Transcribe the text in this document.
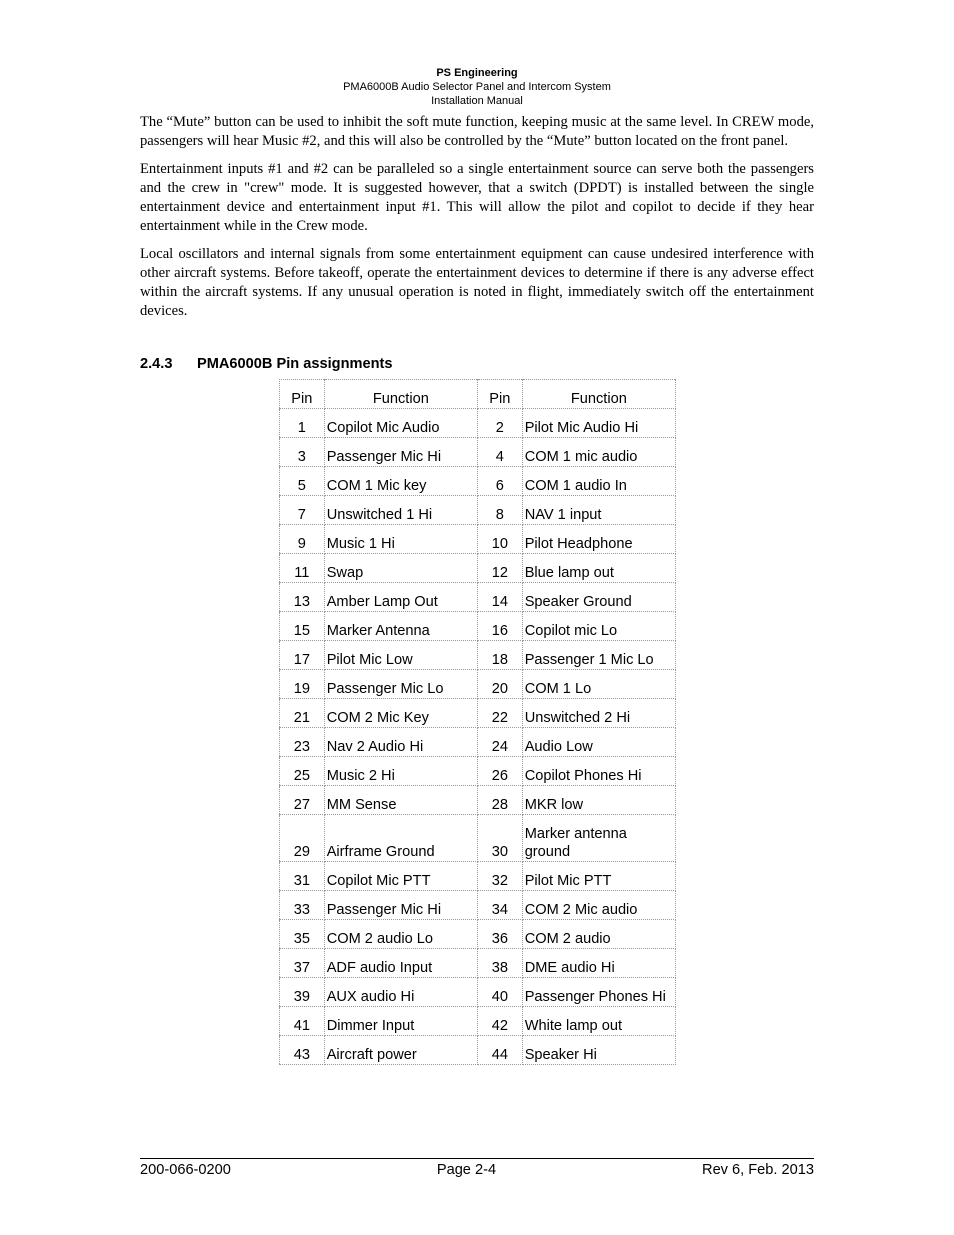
PS Engineering
PMA6000B Audio Selector Panel and Intercom System
Installation Manual

The “Mute” button can be used to inhibit the soft mute function, keeping music at the same level. In CREW mode, passengers will hear Music #2, and this will also be controlled by the “Mute” button located on the front panel.

Entertainment inputs #1 and #2 can be paralleled so a single entertainment source can serve both the passengers and the crew in "crew" mode. It is suggested however, that a switch (DPDT) is installed between the single entertainment device and entertainment input #1. This will allow the pilot and copilot to decide if they hear entertainment while in the Crew mode.

Local oscillators and internal signals from some entertainment equipment can cause undesired interference with other aircraft systems. Before takeoff, operate the entertainment devices to determine if there is any adverse effect within the aircraft systems. If any unusual operation is noted in flight, immediately switch off the entertainment devices.

2.4.3 PMA6000B Pin assignments
Pin	Function	Pin	Function
1	Copilot Mic Audio	2	Pilot Mic Audio Hi
3	Passenger Mic Hi	4	COM 1 mic audio
5	COM 1 Mic key	6	COM 1 audio In
7	Unswitched 1 Hi	8	NAV 1 input
9	Music 1 Hi	10	Pilot Headphone
11	Swap	12	Blue lamp out
13	Amber Lamp Out	14	Speaker Ground
15	Marker Antenna	16	Copilot mic Lo
17	Pilot Mic Low	18	Passenger 1 Mic Lo
19	Passenger Mic Lo	20	COM 1 Lo
21	COM 2 Mic Key	22	Unswitched 2 Hi
23	Nav 2 Audio Hi	24	Audio Low
25	Music 2 Hi	26	Copilot Phones Hi
27	MM Sense	28	MKR low
29	Airframe Ground	30	Marker antenna ground
31	Copilot Mic PTT	32	Pilot Mic PTT
33	Passenger Mic Hi	34	COM 2 Mic audio
35	COM 2 audio Lo	36	COM 2 audio
37	ADF audio Input	38	DME audio Hi
39	AUX audio Hi	40	Passenger Phones Hi
41	Dimmer Input	42	White lamp out
43	Aircraft power	44	Speaker Hi
200-066-0200	Page 2-4	Rev 6, Feb. 2013
